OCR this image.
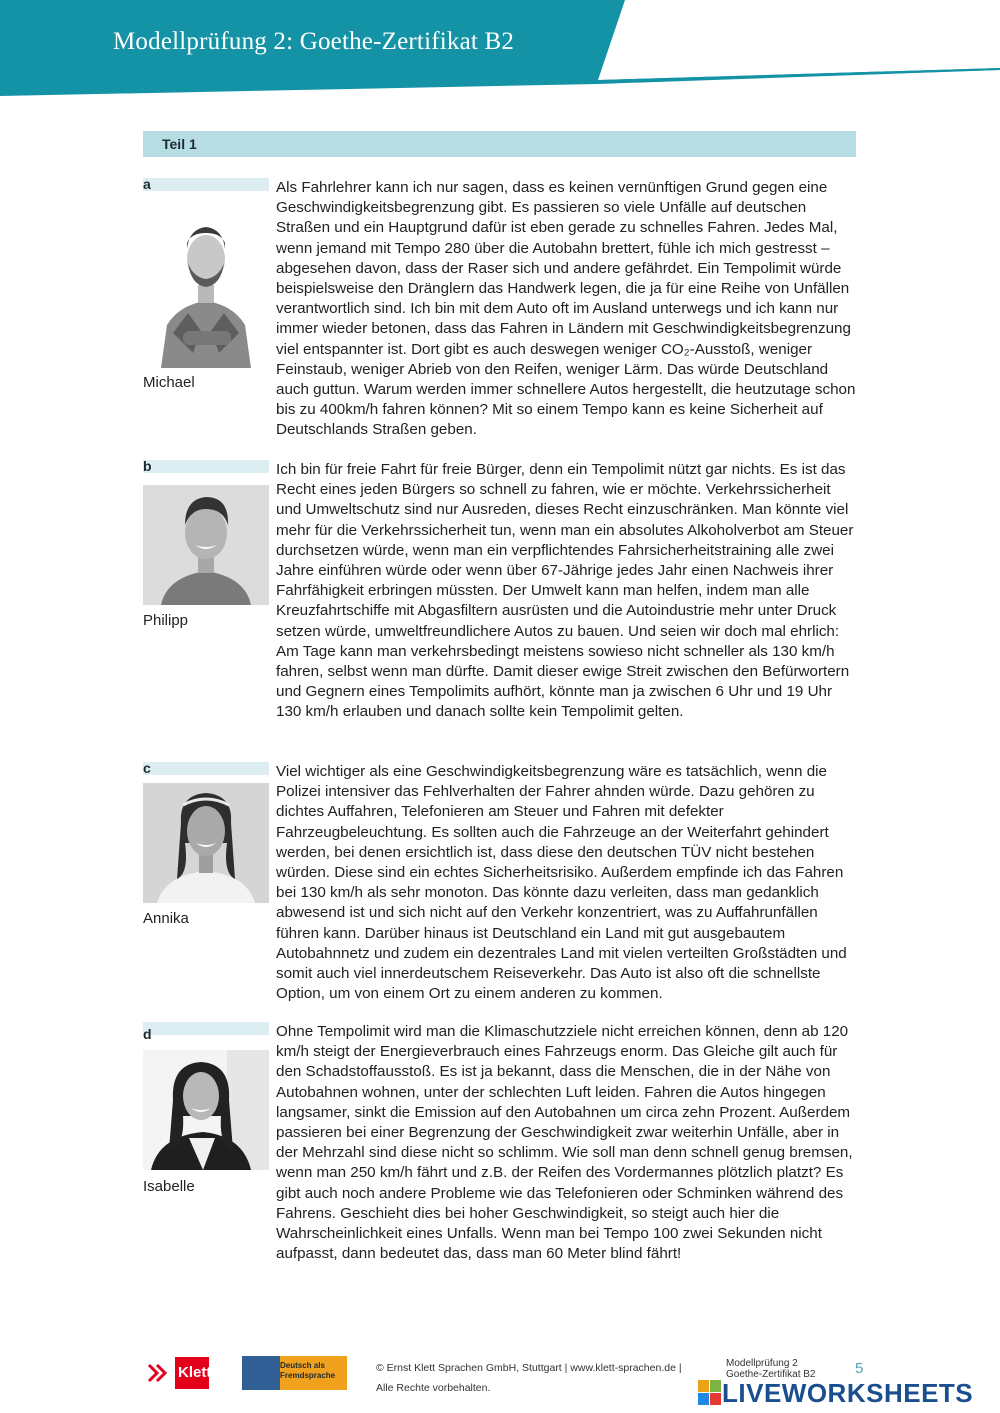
Modellprüfung 2: Goethe-Zertifikat B2
Teil 1
a
Michael

Als Fahrlehrer kann ich nur sagen, dass es keinen vernünftigen Grund gegen eine Geschwindigkeitsbegrenzung gibt. Es passieren so viele Unfälle auf deutschen Straßen und ein Hauptgrund dafür ist eben gerade zu schnelles Fahren. Jedes Mal, wenn jemand mit Tempo 280 über die Autobahn brettert, fühle ich mich gestresst – abgesehen davon, dass der Raser sich und andere gefährdet. Ein Tempolimit würde beispielsweise den Dränglern das Handwerk legen, die ja für eine Reihe von Unfällen verantwortlich sind. Ich bin mit dem Auto oft im Ausland unterwegs und ich kann nur immer wieder betonen, dass das Fahren in Ländern mit Geschwindigkeitsbegrenzung viel entspannter ist. Dort gibt es auch deswegen weniger CO₂-Ausstoß, weniger Feinstaub, weniger Abrieb von den Reifen, weniger Lärm. Das würde Deutschland auch guttun. Warum werden immer schnellere Autos hergestellt, die heutzutage schon bis zu 400km/h fahren können? Mit so einem Tempo kann es keine Sicherheit auf Deutschlands Straßen geben.

b
Philipp

Ich bin für freie Fahrt für freie Bürger, denn ein Tempolimit nützt gar nichts. Es ist das Recht eines jeden Bürgers so schnell zu fahren, wie er möchte. Verkehrssicherheit und Umweltschutz sind nur Ausreden, dieses Recht einzuschränken. Man könnte viel mehr für die Verkehrssicherheit tun, wenn man ein absolutes Alkoholverbot am Steuer durchsetzen würde, wenn man ein verpflichtendes Fahrsicherheitstraining alle zwei Jahre einführen würde oder wenn über 67-Jährige jedes Jahr einen Nachweis ihrer Fahrfähigkeit erbringen müssten. Der Umwelt kann man helfen, indem man alle Kreuzfahrtschiffe mit Abgasfiltern ausrüsten und die Autoindustrie mehr unter Druck setzen würde, umweltfreundlichere Autos zu bauen. Und seien wir doch mal ehrlich: Am Tage kann man verkehrsbedingt meistens sowieso nicht schneller als 130 km/h fahren, selbst wenn man dürfte. Damit dieser ewige Streit zwischen den Befürwortern und Gegnern eines Tempolimits aufhört, könnte man ja zwischen 6 Uhr und 19 Uhr 130 km/h erlauben und danach sollte kein Tempolimit gelten.

c
Annika

Viel wichtiger als eine Geschwindigkeitsbegrenzung wäre es tatsächlich, wenn die Polizei intensiver das Fehlverhalten der Fahrer ahnden würde. Dazu gehören zu dichtes Auffahren, Telefonieren am Steuer und Fahren mit defekter Fahrzeugbeleuchtung. Es sollten auch die Fahrzeuge an der Weiterfahrt gehindert werden, bei denen ersichtlich ist, dass diese den deutschen TÜV nicht bestehen würden. Diese sind ein echtes Sicherheitsrisiko. Außerdem empfinde ich das Fahren bei 130 km/h als sehr monoton. Das könnte dazu verleiten, dass man gedanklich abwesend ist und sich nicht auf den Verkehr konzentriert, was zu Auffahrunfällen führen kann. Darüber hinaus ist Deutschland ein Land mit gut ausgebautem Autobahnnetz und zudem ein dezentrales Land mit vielen verteilten Großstädten und somit auch viel innerdeutschem Reiseverkehr. Das Auto ist also oft die schnellste Option, um von einem Ort zu einem anderen zu kommen.

d
Isabelle

Ohne Tempolimit wird man die Klimaschutzziele nicht erreichen können, denn ab 120 km/h steigt der Energieverbrauch eines Fahrzeugs enorm. Das Gleiche gilt auch für den Schadstoffausstoß. Es ist ja bekannt, dass die Menschen, die in der Nähe von Autobahnen wohnen, unter der schlechten Luft leiden. Fahren die Autos hingegen langsamer, sinkt die Emission auf den Autobahnen um circa zehn Prozent. Außerdem passieren bei einer Begrenzung der Geschwindigkeit zwar weiterhin Unfälle, aber in der Mehrzahl sind diese nicht so schlimm. Wie soll man denn schnell genug bremsen, wenn man 250 km/h fährt und z.B. der Reifen des Vordermannes plötzlich platzt? Es gibt auch noch andere Probleme wie das Telefonieren oder Schminken während des Fahrens. Geschieht dies bei hoher Geschwindigkeit, so steigt auch hier die Wahrscheinlichkeit eines Unfalls. Wenn man bei Tempo 100 zwei Sekunden nicht aufpasst, dann bedeutet das, dass man 60 Meter blind fährt!

Klett	Deutsch als Fremdsprache
© Ernst Klett Sprachen GmbH, Stuttgart | www.klett-sprachen.de |
Alle Rechte vorbehalten.
Modellprüfung 2
Goethe-Zertifikat B2	5
LIVEWORKSHEETS
